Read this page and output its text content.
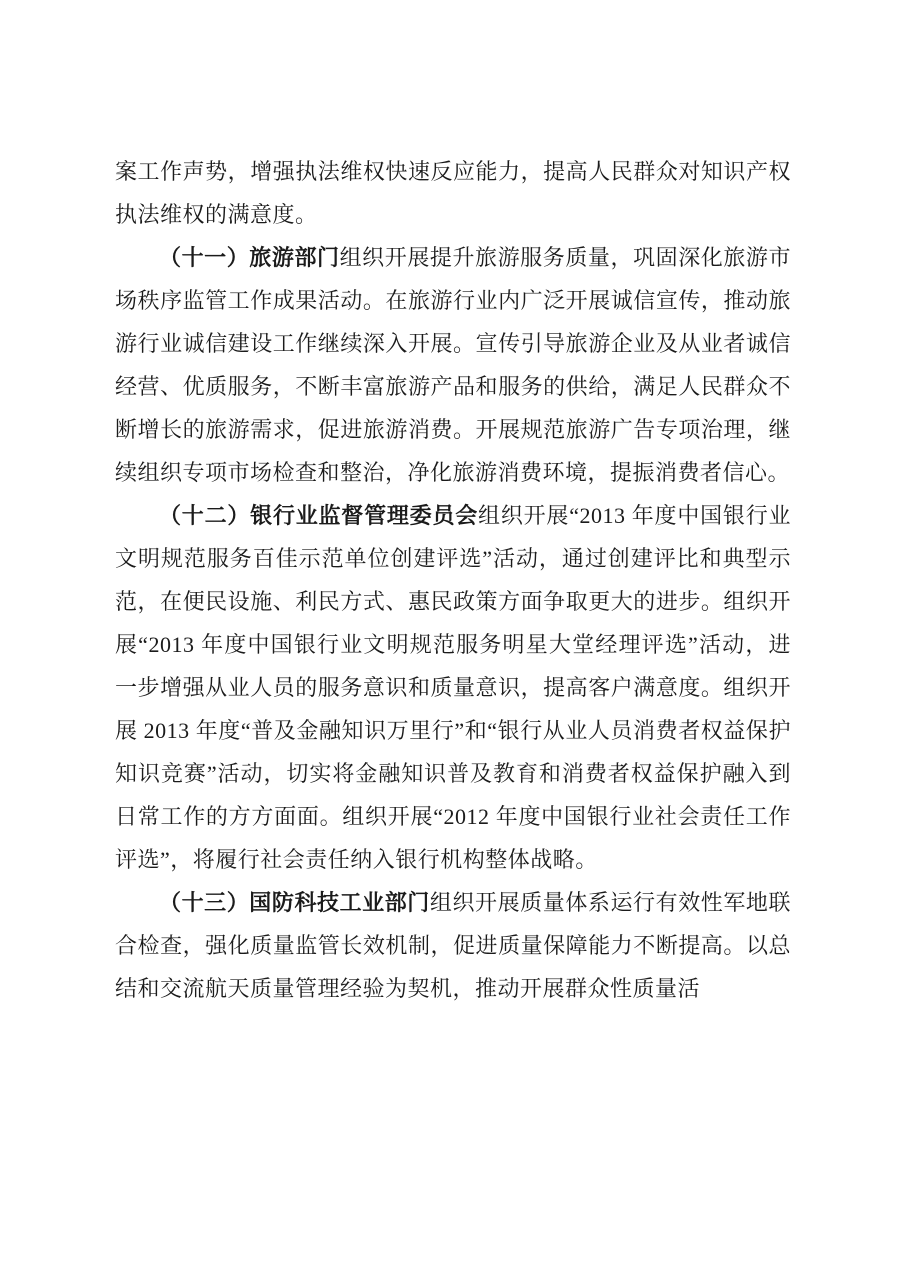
案工作声势，增强执法维权快速反应能力，提高人民群众对知识产权执法维权的满意度。

（十一）旅游部门组织开展提升旅游服务质量，巩固深化旅游市场秩序监管工作成果活动。在旅游行业内广泛开展诚信宣传，推动旅游行业诚信建设工作继续深入开展。宣传引导旅游企业及从业者诚信经营、优质服务，不断丰富旅游产品和服务的供给，满足人民群众不断增长的旅游需求，促进旅游消费。开展规范旅游广告专项治理，继续组织专项市场检查和整治，净化旅游消费环境，提振消费者信心。

（十二）银行业监督管理委员会组织开展“2013 年度中国银行业文明规范服务百佳示范单位创建评选”活动，通过创建评比和典型示范，在便民设施、利民方式、惠民政策方面争取更大的进步。组织开展“2013 年度中国银行业文明规范服务明星大堂经理评选”活动，进一步增强从业人员的服务意识和质量意识，提高客户满意度。组织开展 2013 年度“普及金融知识万里行”和“银行从业人员消费者权益保护知识竞赛”活动，切实将金融知识普及教育和消费者权益保护融入到日常工作的方方面面。组织开展“2012 年度中国银行业社会责任工作评选”，将履行社会责任纳入银行机构整体战略。

（十三）国防科技工业部门组织开展质量体系运行有效性军地联合检查，强化质量监管长效机制，促进质量保障能力不断提高。以总结和交流航天质量管理经验为契机，推动开展群众性质量活
